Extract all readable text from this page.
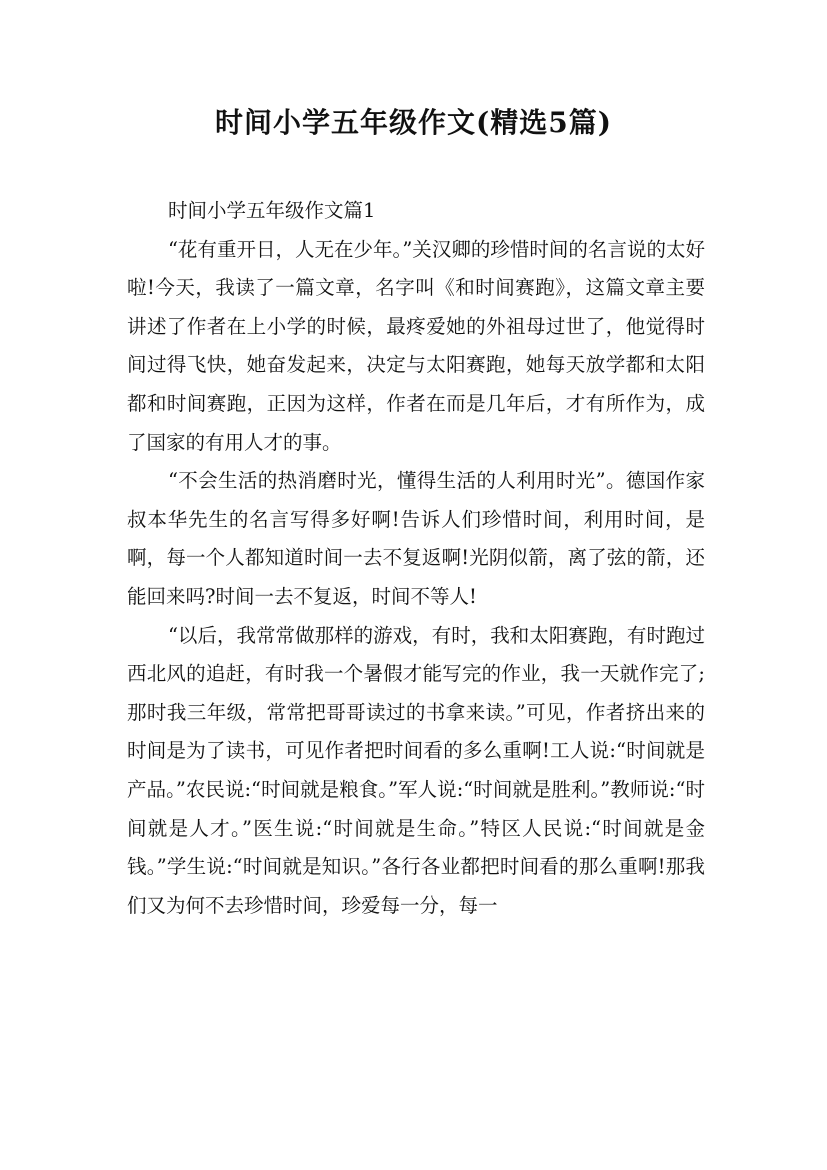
时间小学五年级作文(精选5篇)

时间小学五年级作文篇1

“花有重开日，人无在少年。”关汉卿的珍惜时间的名言说的太好啦!今天，我读了一篇文章，名字叫《和时间赛跑》，这篇文章主要讲述了作者在上小学的时候，最疼爱她的外祖母过世了，他觉得时间过得飞快，她奋发起来，决定与太阳赛跑，她每天放学都和太阳都和时间赛跑，正因为这样，作者在而是几年后，才有所作为，成了国家的有用人才的事。

“不会生活的热消磨时光，懂得生活的人利用时光”。德国作家叔本华先生的名言写得多好啊!告诉人们珍惜时间，利用时间，是啊，每一个人都知道时间一去不复返啊!光阴似箭，离了弦的箭，还能回来吗?时间一去不复返，时间不等人!

“以后，我常常做那样的游戏，有时，我和太阳赛跑，有时跑过西北风的追赶，有时我一个暑假才能写完的作业，我一天就作完了;那时我三年级，常常把哥哥读过的书拿来读。”可见，作者挤出来的时间是为了读书，可见作者把时间看的多么重啊!工人说:“时间就是产品。”农民说:“时间就是粮食。”军人说:“时间就是胜利。”教师说:“时间就是人才。”医生说:“时间就是生命。”特区人民说:“时间就是金钱。”学生说:“时间就是知识。”各行各业都把时间看的那么重啊!那我们又为何不去珍惜时间，珍爱每一分，每一
